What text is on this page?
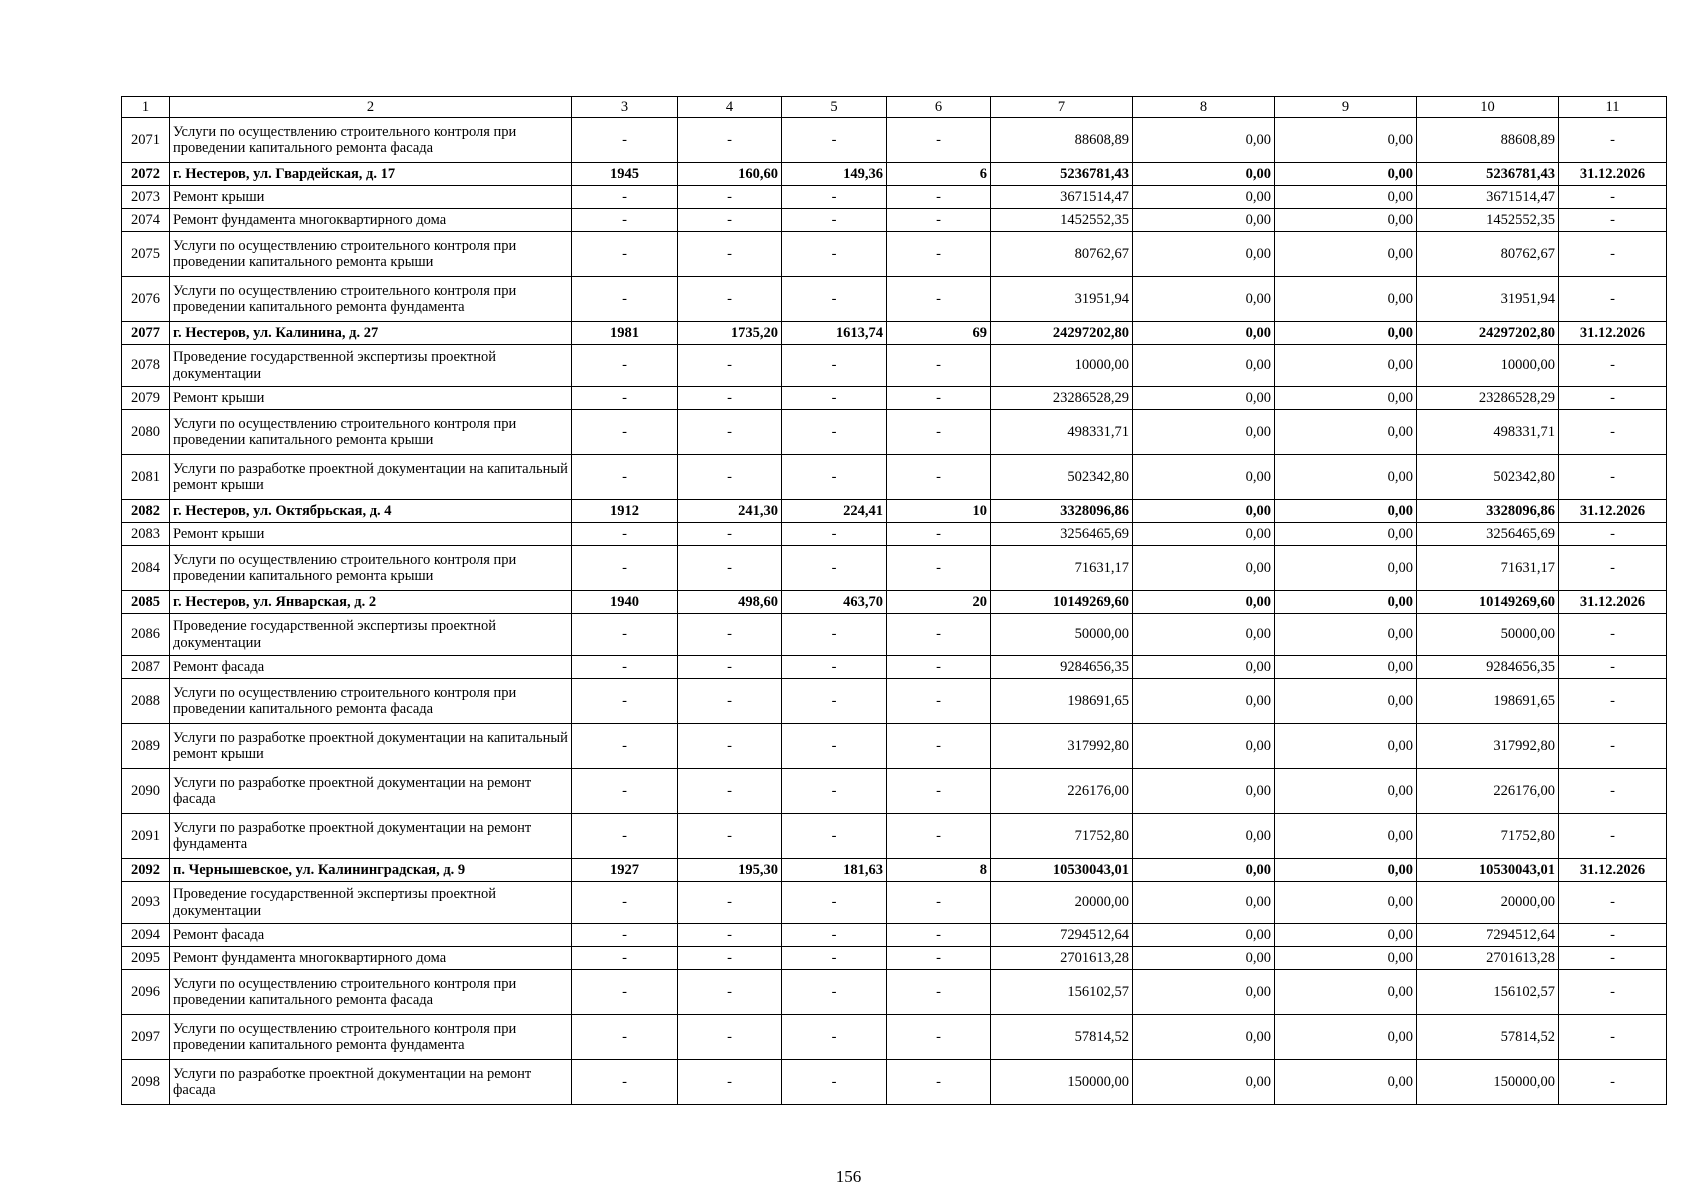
1	2	3	4	5	6	7	8	9	10	11
2071	Услуги по осуществлению строительного контроля при проведении капитального ремонта фасада	-	-	-	-	88608,89	0,00	0,00	88608,89	-
2072	г. Нестеров, ул. Гвардейская, д. 17	1945	160,60	149,36	6	5236781,43	0,00	0,00	5236781,43	31.12.2026
2073	Ремонт крыши	-	-	-	-	3671514,47	0,00	0,00	3671514,47	-
2074	Ремонт фундамента многоквартирного дома	-	-	-	-	1452552,35	0,00	0,00	1452552,35	-
2075	Услуги по осуществлению строительного контроля при проведении капитального ремонта крыши	-	-	-	-	80762,67	0,00	0,00	80762,67	-
2076	Услуги по осуществлению строительного контроля при проведении капитального ремонта фундамента	-	-	-	-	31951,94	0,00	0,00	31951,94	-
2077	г. Нестеров, ул. Калинина, д. 27	1981	1735,20	1613,74	69	24297202,80	0,00	0,00	24297202,80	31.12.2026
2078	Проведение государственной экспертизы проектной документации	-	-	-	-	10000,00	0,00	0,00	10000,00	-
2079	Ремонт крыши	-	-	-	-	23286528,29	0,00	0,00	23286528,29	-
2080	Услуги по осуществлению строительного контроля при проведении капитального ремонта крыши	-	-	-	-	498331,71	0,00	0,00	498331,71	-
2081	Услуги по разработке проектной документации на капитальный ремонт крыши	-	-	-	-	502342,80	0,00	0,00	502342,80	-
2082	г. Нестеров, ул. Октябрьская, д. 4	1912	241,30	224,41	10	3328096,86	0,00	0,00	3328096,86	31.12.2026
2083	Ремонт крыши	-	-	-	-	3256465,69	0,00	0,00	3256465,69	-
2084	Услуги по осуществлению строительного контроля при проведении капитального ремонта крыши	-	-	-	-	71631,17	0,00	0,00	71631,17	-
2085	г. Нестеров, ул. Январская, д. 2	1940	498,60	463,70	20	10149269,60	0,00	0,00	10149269,60	31.12.2026
2086	Проведение государственной экспертизы проектной документации	-	-	-	-	50000,00	0,00	0,00	50000,00	-
2087	Ремонт фасада	-	-	-	-	9284656,35	0,00	0,00	9284656,35	-
2088	Услуги по осуществлению строительного контроля при проведении капитального ремонта фасада	-	-	-	-	198691,65	0,00	0,00	198691,65	-
2089	Услуги по разработке проектной документации на капитальный ремонт крыши	-	-	-	-	317992,80	0,00	0,00	317992,80	-
2090	Услуги по разработке проектной документации на ремонт фасада	-	-	-	-	226176,00	0,00	0,00	226176,00	-
2091	Услуги по разработке проектной документации на ремонт фундамента	-	-	-	-	71752,80	0,00	0,00	71752,80	-
2092	п. Чернышевское, ул. Калининградская, д. 9	1927	195,30	181,63	8	10530043,01	0,00	0,00	10530043,01	31.12.2026
2093	Проведение государственной экспертизы проектной документации	-	-	-	-	20000,00	0,00	0,00	20000,00	-
2094	Ремонт фасада	-	-	-	-	7294512,64	0,00	0,00	7294512,64	-
2095	Ремонт фундамента многоквартирного дома	-	-	-	-	2701613,28	0,00	0,00	2701613,28	-
2096	Услуги по осуществлению строительного контроля при проведении капитального ремонта фасада	-	-	-	-	156102,57	0,00	0,00	156102,57	-
2097	Услуги по осуществлению строительного контроля при проведении капитального ремонта фундамента	-	-	-	-	57814,52	0,00	0,00	57814,52	-
2098	Услуги по разработке проектной документации на ремонт фасада	-	-	-	-	150000,00	0,00	0,00	150000,00	-
156
